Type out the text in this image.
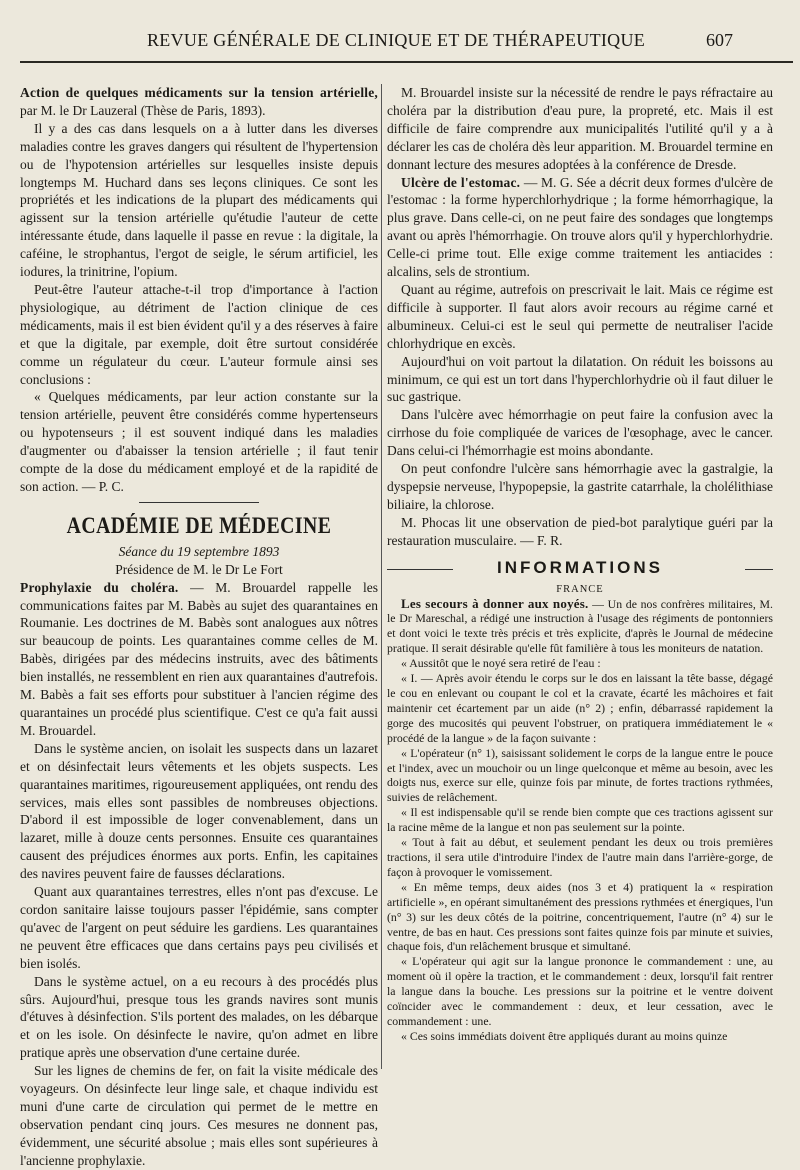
REVUE GÉNÉRALE DE CLINIQUE ET DE THÉRAPEUTIQUE	607

Action de quelques médicaments sur la tension artérielle, par M. le Dr Lauzeral (Thèse de Paris, 1893).

Il y a des cas dans lesquels on a à lutter dans les diverses maladies contre les graves dangers qui résultent de l'hypertension ou de l'hypotension artérielles sur lesquelles insiste depuis longtemps M. Huchard dans ses leçons cliniques. Ce sont les propriétés et les indications de la plupart des médicaments qui agissent sur la tension artérielle qu'étudie l'auteur de cette intéressante étude, dans laquelle il passe en revue : la digitale, la caféine, le strophantus, l'ergot de seigle, le sérum artificiel, les iodures, la trinitrine, l'opium.

Peut-être l'auteur attache-t-il trop d'importance à l'action physiologique, au détriment de l'action clinique de ces médicaments, mais il est bien évident qu'il y a des réserves à faire et que la digitale, par exemple, doit être surtout considérée comme un régulateur du cœur. L'auteur formule ainsi ses conclusions :

« Quelques médicaments, par leur action constante sur la tension artérielle, peuvent être considérés comme hypertenseurs ou hypotenseurs ; il est souvent indiqué dans les maladies d'augmenter ou d'abaisser la tension artérielle ; il faut tenir compte de la dose du médicament employé et de la rapidité de son action. — P. C.

ACADÉMIE DE MÉDECINE
Séance du 19 septembre 1893
Présidence de M. le Dr Le Fort

Prophylaxie du choléra. — M. Brouardel rappelle les communications faites par M. Babès au sujet des quarantaines en Roumanie. Les doctrines de M. Babès sont analogues aux nôtres sur beaucoup de points. Les quarantaines comme celles de M. Babès, dirigées par des médecins instruits, avec des bâtiments bien installés, ne ressemblent en rien aux quarantaines d'autrefois. M. Babès a fait ses efforts pour substituer à l'ancien régime des quarantaines un procédé plus scientifique. C'est ce qu'a fait aussi M. Brouardel.

Dans le système ancien, on isolait les suspects dans un lazaret et on désinfectait leurs vêtements et les objets suspects. Les quarantaines maritimes, rigoureusement appliquées, ont rendu des services, mais elles sont passibles de nombreuses objections. D'abord il est impossible de loger convenablement, dans un lazaret, mille à douze cents personnes. Ensuite ces quarantaines causent des préjudices énormes aux ports. Enfin, les capitaines des navires peuvent faire de fausses déclarations.

Quant aux quarantaines terrestres, elles n'ont pas d'excuse. Le cordon sanitaire laisse toujours passer l'épidémie, sans compter qu'avec de l'argent on peut séduire les gardiens. Les quarantaines ne peuvent être efficaces que dans certains pays peu civilisés et bien isolés.

Dans le système actuel, on a eu recours à des procédés plus sûrs. Aujourd'hui, presque tous les grands navires sont munis d'étuves à désinfection. S'ils portent des malades, on les débarque et on les isole. On désinfecte le navire, qu'on admet en libre pratique après une observation d'une certaine durée.

Sur les lignes de chemins de fer, on fait la visite médicale des voyageurs. On désinfecte leur linge sale, et chaque individu est muni d'une carte de circulation qui permet de le mettre en observation pendant cinq jours. Ces mesures ne donnent pas, évidemment, une sécurité absolue ; mais elles sont supérieures à l'ancienne prophylaxie.

M. Brouardel insiste sur la nécessité de rendre le pays réfractaire au choléra par la distribution d'eau pure, la propreté, etc. Mais il est difficile de faire comprendre aux municipalités l'utilité qu'il y a à déclarer les cas de choléra dès leur apparition. M. Brouardel termine en donnant lecture des mesures adoptées à la conférence de Dresde.

Ulcère de l'estomac. — M. G. Sée a décrit deux formes d'ulcère de l'estomac : la forme hyperchlorhydrique ; la forme hémorrhagique, la plus grave. Dans celle-ci, on ne peut faire des sondages que longtemps avant ou après l'hémorrhagie. On trouve alors qu'il y hyperchlorhydrie. Celle-ci prime tout. Elle exige comme traitement les antiacides : alcalins, sels de strontium.

Quant au régime, autrefois on prescrivait le lait. Mais ce régime est difficile à supporter. Il faut alors avoir recours au régime carné et albumineux. Celui-ci est le seul qui permette de neutraliser l'acide chlorhydrique en excès.

Aujourd'hui on voit partout la dilatation. On réduit les boissons au minimum, ce qui est un tort dans l'hyperchlorhydrie où il faut diluer le suc gastrique.

Dans l'ulcère avec hémorrhagie on peut faire la confusion avec la cirrhose du foie compliquée de varices de l'œsophage, avec le cancer. Dans celui-ci l'hémorrhagie est moins abondante.

On peut confondre l'ulcère sans hémorrhagie avec la gastralgie, la dyspepsie nerveuse, l'hypopepsie, la gastrite catarrhale, la cholélithiase biliaire, la chlorose.

M. Phocas lit une observation de pied-bot paralytique guéri par la restauration musculaire. — F. R.

INFORMATIONS
FRANCE

Les secours à donner aux noyés. — Un de nos confrères militaires, M. le Dr Mareschal, a rédigé une instruction à l'usage des régiments de pontonniers et dont voici le texte très précis et très explicite, d'après le Journal de médecine pratique. Il serait désirable qu'elle fût familière à tous les moniteurs de natation.

« Aussitôt que le noyé sera retiré de l'eau :

« I. — Après avoir étendu le corps sur le dos en laissant la tête basse, dégagé le cou en enlevant ou coupant le col et la cravate, écarté les mâchoires et fait maintenir cet écartement par un aide (n° 2) ; enfin, débarrassé rapidement la gorge des mucosités qui peuvent l'obstruer, on pratiquera immédiatement le « procédé de la langue » de la façon suivante :

« L'opérateur (n° 1), saisissant solidement le corps de la langue entre le pouce et l'index, avec un mouchoir ou un linge quelconque et même au besoin, avec les doigts nus, exerce sur elle, quinze fois par minute, de fortes tractions rythmées, suivies de relâchement.

« Il est indispensable qu'il se rende bien compte que ces tractions agissent sur la racine même de la langue et non pas seulement sur la pointe.

« Tout à fait au début, et seulement pendant les deux ou trois premières tractions, il sera utile d'introduire l'index de l'autre main dans l'arrière-gorge, de façon à provoquer le vomissement.

« En même temps, deux aides (nos 3 et 4) pratiquent la « respiration artificielle », en opérant simultanément des pressions rythmées et énergiques, l'un (n° 3) sur les deux côtés de la poitrine, concentriquement, l'autre (n° 4) sur le ventre, de bas en haut. Ces pressions sont faites quinze fois par minute et suivies, chaque fois, d'un relâchement brusque et simultané.

« L'opérateur qui agit sur la langue prononce le commandement : une, au moment où il opère la traction, et le commandement : deux, lorsqu'il fait rentrer la langue dans la bouche. Les pressions sur la poitrine et le ventre doivent coïncider avec le commandement : deux, et leur cessation, avec le commandement : une.

« Ces soins immédiats doivent être appliqués durant au moins quinze
